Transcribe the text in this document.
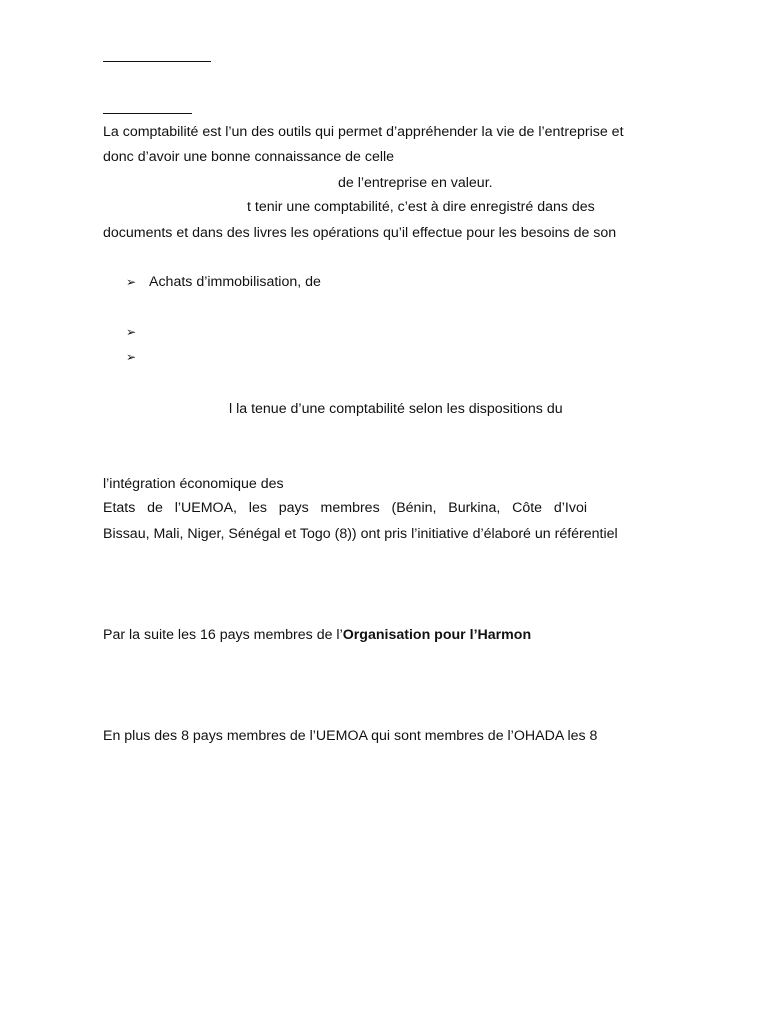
La comptabilité est l’un des outils qui permet d’appréhender la vie de l’entreprise et
donc d’avoir une bonne connaissance de celle
de l’entreprise en valeur.
t tenir une comptabilité, c’est à dire enregistré dans des
documents et dans des livres les opérations qu’il effectue pour les besoins de son
➢ Achats d’immobilisation, de
➢
➢
l la tenue d’une comptabilité selon les dispositions du
l’intégration économique des
Etats de l’UEMOA, les pays membres (Bénin, Burkina, Côte d’Ivoi
Bissau, Mali, Niger, Sénégal et Togo (8)) ont pris l’initiative d’élaboré un référentiel
Par la suite les 16 pays membres de l’Organisation pour l’Harmon
En plus des 8 pays membres de l’UEMOA qui sont membres de l’OHADA les 8
